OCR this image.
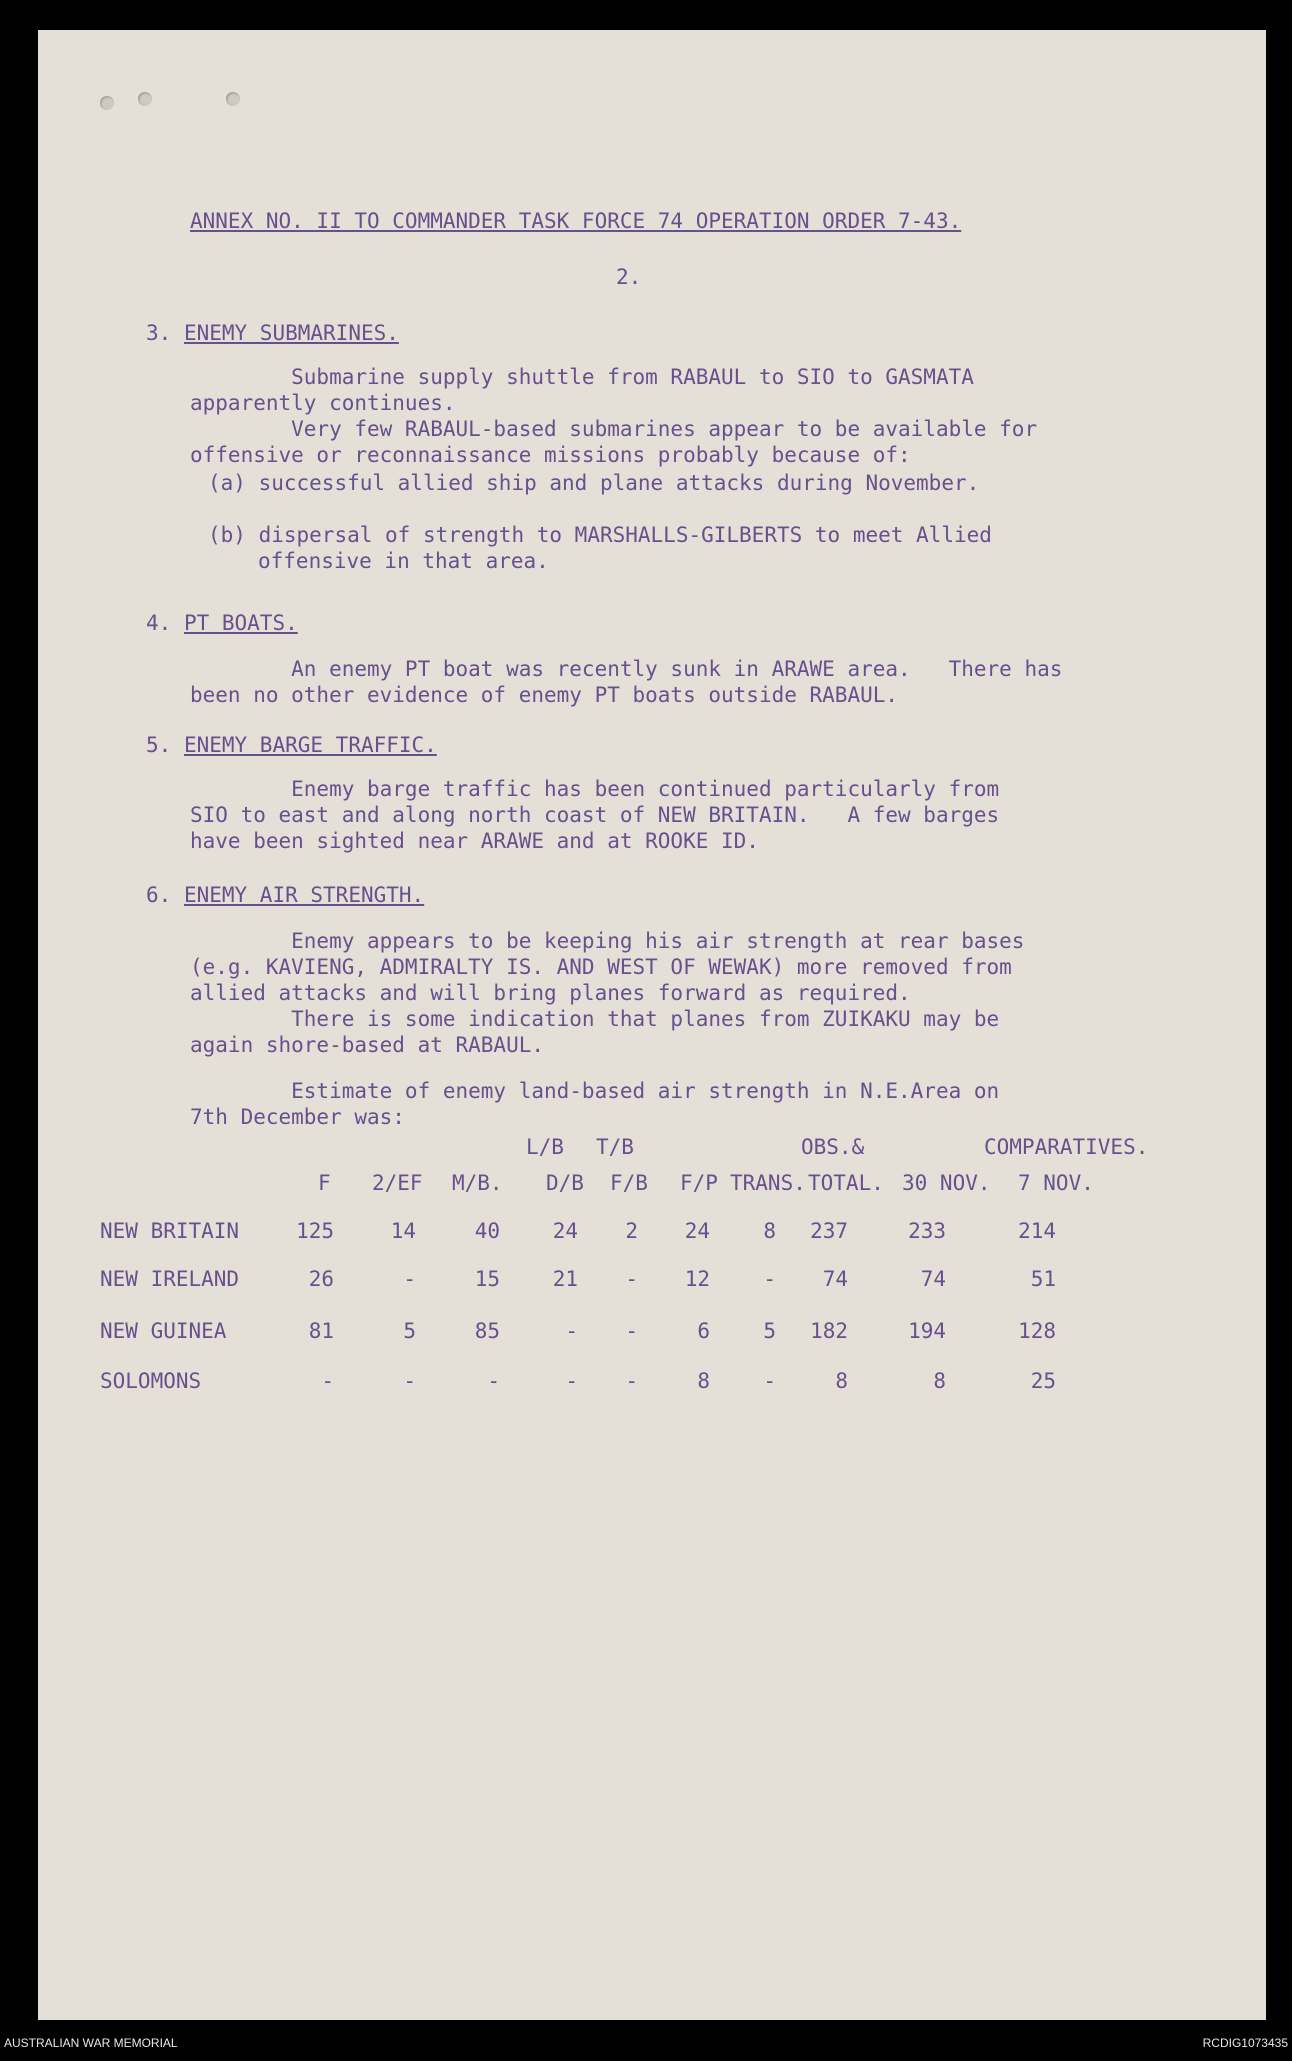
ANNEX NO. II TO COMMANDER TASK FORCE 74 OPERATION ORDER 7-43.
2.
3. ENEMY SUBMARINES.
Submarine supply shuttle from RABAUL to SIO to GASMATA
apparently continues.
Very few RABAUL-based submarines appear to be available for
offensive or reconnaissance missions probably because of:
(a) successful allied ship and plane attacks during November.
(b) dispersal of strength to MARSHALLS-GILBERTS to meet Allied
offensive in that area.
4. PT BOATS.
An enemy PT boat was recently sunk in ARAWE area.   There has
been no other evidence of enemy PT boats outside RABAUL.
5. ENEMY BARGE TRAFFIC.
Enemy barge traffic has been continued particularly from
SIO to east and along north coast of NEW BRITAIN.   A few barges
have been sighted near ARAWE and at ROOKE ID.
6. ENEMY AIR STRENGTH.
Enemy appears to be keeping his air strength at rear bases
(e.g. KAVIENG, ADMIRALTY IS. AND WEST OF WEWAK) more removed from
allied attacks and will bring planes forward as required.
There is some indication that planes from ZUIKAKU may be
again shore-based at RABAUL.
Estimate of enemy land-based air strength in N.E.Area on
7th December was:
L/B T/B	OBS.&	COMPARATIVES.
F 2/EF M/B. D/B F/B F/P TRANS. TOTAL. 30 NOV. 7 NOV.
NEW BRITAIN	125	14	40	24 2 24	8 237	233	214
NEW IRELAND	26	-	15	21 - 12	- 74	74	51
NEW GUINEA	81	5	85	- -	6	5 182	194	128
SOLOMONS	-	-	-	- -	8	-	8	8	25
AUSTRALIAN WAR MEMORIAL	RCDIG1073435
